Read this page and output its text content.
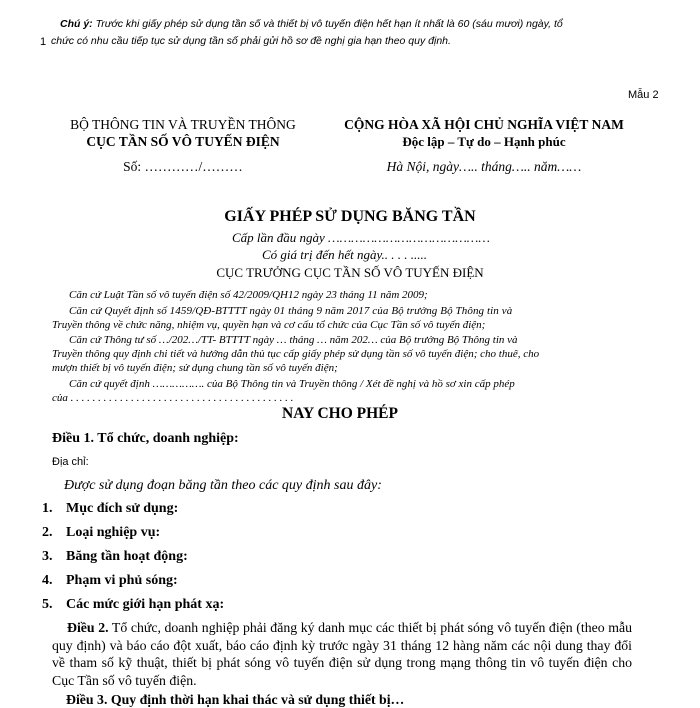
1
Chú ý: Trước khi giấy phép sử dụng tần số và thiết bị vô tuyến điện hết hạn ít nhất là 60 (sáu mươi) ngày, tổ
chức có nhu cầu tiếp tục sử dụng tần số phải gửi hồ sơ đề nghị gia hạn theo quy định.
Mẫu 2
BỘ THÔNG TIN VÀ TRUYỀN THÔNG
CỤC TẦN SỐ VÔ TUYẾN ĐIỆN
Số: …………/………
CỘNG HÒA XÃ HỘI CHỦ NGHĨA VIỆT NAM
Độc lập – Tự do – Hạnh phúc
Hà Nội, ngày….. tháng….. năm……
GIẤY PHÉP SỬ DỤNG BĂNG TẦN
Cấp lần đầu ngày ……………………………………
Có giá trị đến hết ngày.. . . . .....
CỤC TRƯỞNG CỤC TẦN SỐ VÔ TUYẾN ĐIỆN
Căn cứ Luật Tần số vô tuyến điện số 42/2009/QH12 ngày 23 tháng 11 năm 2009;
Căn cứ Quyết định số 1459/QĐ-BTTTT ngày 01 tháng 9 năm 2017 của Bộ trưởng Bộ Thông tin và
Truyền thông về chức năng, nhiệm vụ, quyền hạn và cơ cấu tổ chức của Cục Tần số vô tuyến điện;
Căn cứ Thông tư số …/202…/TT- BTTTT ngày … tháng … năm 202… của Bộ trưởng Bộ Thông tin và
Truyền thông quy định chi tiết và hướng dẫn thủ tục cấp giấy phép sử dụng tần số vô tuyến điện; cho thuê, cho
mượn thiết bị vô tuyến điện; sử dụng chung tần số vô tuyến điện;
Căn cứ quyết định ……………. của Bộ Thông tin và Truyền thông / Xét đề nghị và hồ sơ xin cấp phép
của . . . . . . . . . . . . . . . . . . . . . . . . . . . . . . . . . . . . . . . . .
NAY CHO PHÉP
Điều 1. Tổ chức, doanh nghiệp:
Địa chỉ:
Được sử dụng đoạn băng tần theo các quy định sau đây:
1. Mục đích sử dụng:
2. Loại nghiệp vụ:
3. Băng tần hoạt động:
4. Phạm vi phủ sóng:
5. Các mức giới hạn phát xạ:
Điều 2. Tổ chức, doanh nghiệp phải đăng ký danh mục các thiết bị phát sóng vô tuyến điện (theo mẫu quy định) và báo cáo đột xuất, báo cáo định kỳ trước ngày 31 tháng 12 hàng năm các nội dung thay đổi về tham số kỹ thuật, thiết bị phát sóng vô tuyến điện sử dụng trong mạng thông tin vô tuyến điện cho Cục Tần số vô tuyến điện.
Điều 3. Quy định thời hạn khai thác và sử dụng thiết bị…
